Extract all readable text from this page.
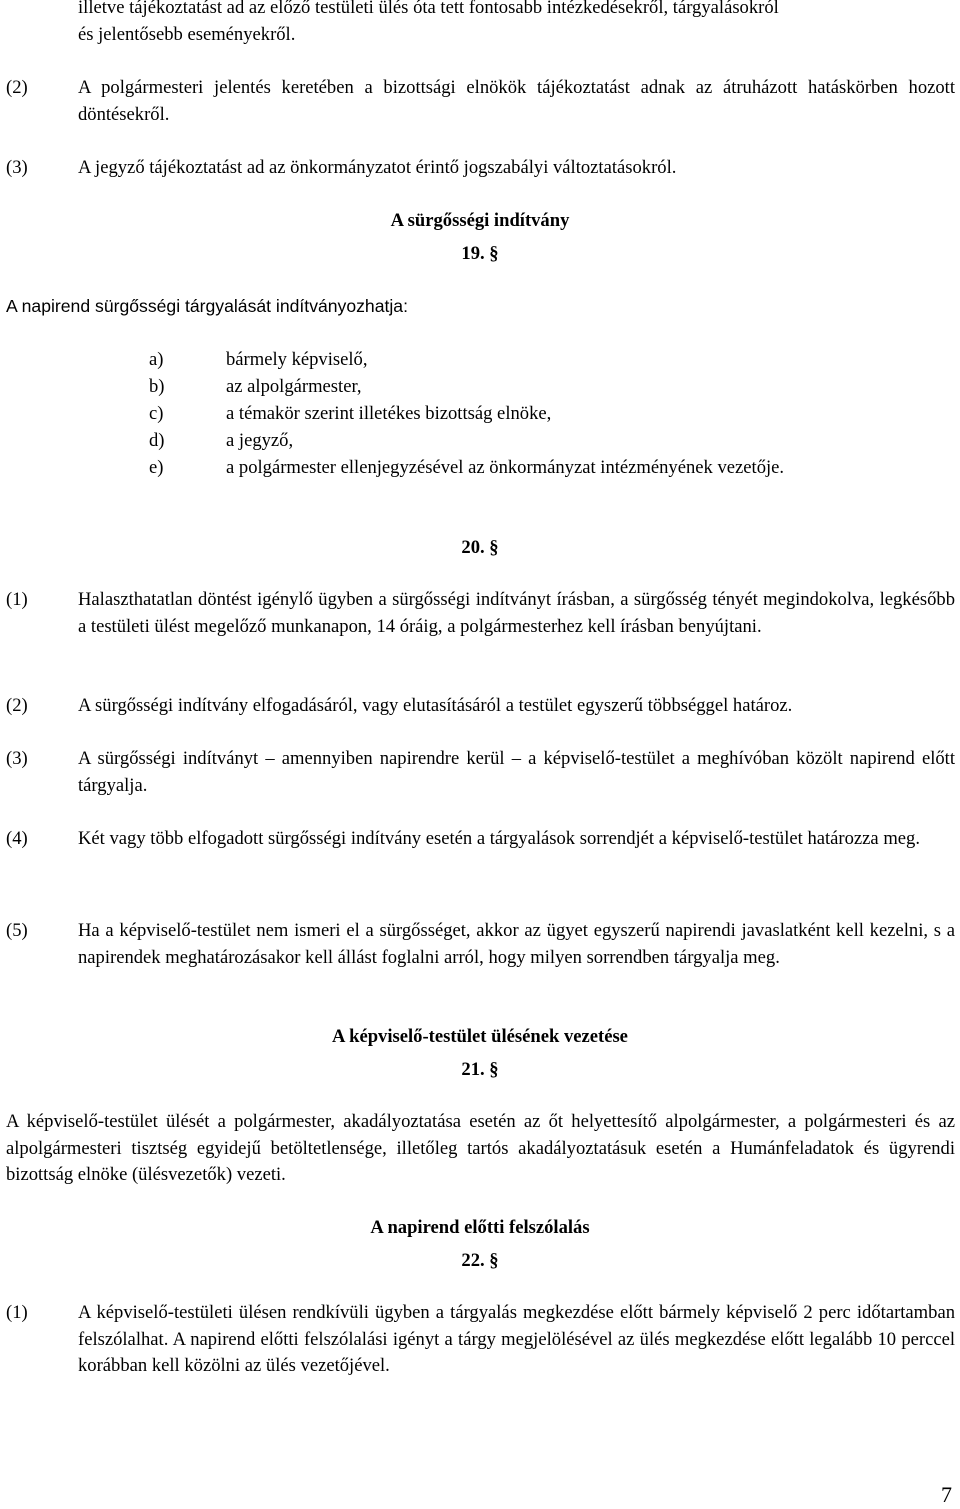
illetve tájékoztatást ad az előző testületi ülés óta tett fontosabb intézkedésekről, tárgyalásokról
és jelentősebb eseményekről.
(2)	A polgármesteri jelentés keretében a bizottsági elnökök tájékoztatást adnak az átruházott hatáskörben hozott döntésekről.
(3)	A jegyző tájékoztatást ad az önkormányzatot érintő jogszabályi változtatásokról.
A sürgősségi indítvány
19. §
A napirend sürgősségi tárgyalását indítványozhatja:
a)	bármely képviselő,
b)	az alpolgármester,
c)	a témakör szerint illetékes bizottság elnöke,
d)	a jegyző,
e)	a polgármester ellenjegyzésével az önkormányzat intézményének vezetője.
20. §
(1)	Halaszthatatlan döntést igénylő ügyben a sürgősségi indítványt írásban, a sürgősség tényét megindokolva, legkésőbb a testületi ülést megelőző munkanapon, 14 óráig, a polgármesterhez kell írásban benyújtani.
(2)	A sürgősségi indítvány elfogadásáról, vagy elutasításáról a testület egyszerű többséggel határoz.
(3)	A sürgősségi indítványt – amennyiben napirendre kerül – a képviselő-testület a meghívóban közölt napirend előtt tárgyalja.
(4)	Két vagy több elfogadott sürgősségi indítvány esetén a tárgyalások sorrendjét a képviselő-testület határozza meg.
(5)	Ha a képviselő-testület nem ismeri el a sürgősséget, akkor az ügyet egyszerű napirendi javaslatként kell kezelni, s a napirendek meghatározásakor kell állást foglalni arról, hogy milyen sorrendben tárgyalja meg.
A képviselő-testület ülésének vezetése
21. §
A képviselő-testület ülését a polgármester, akadályoztatása esetén az őt helyettesítő alpolgármester, a polgármesteri és az alpolgármesteri tisztség egyidejű betöltetlensége, illetőleg tartós akadályoztatásuk esetén a Humánfeladatok és ügyrendi bizottság elnöke (ülésvezetők) vezeti.
A napirend előtti felszólalás
22. §
(1)	A képviselő-testületi ülésen rendkívüli ügyben a tárgyalás megkezdése előtt bármely képviselő 2 perc időtartamban felszólalhat. A napirend előtti felszólalási igényt a tárgy megjelölésével az ülés megkezdése előtt legalább 10 perccel korábban kell közölni az ülés vezetőjével.
7
